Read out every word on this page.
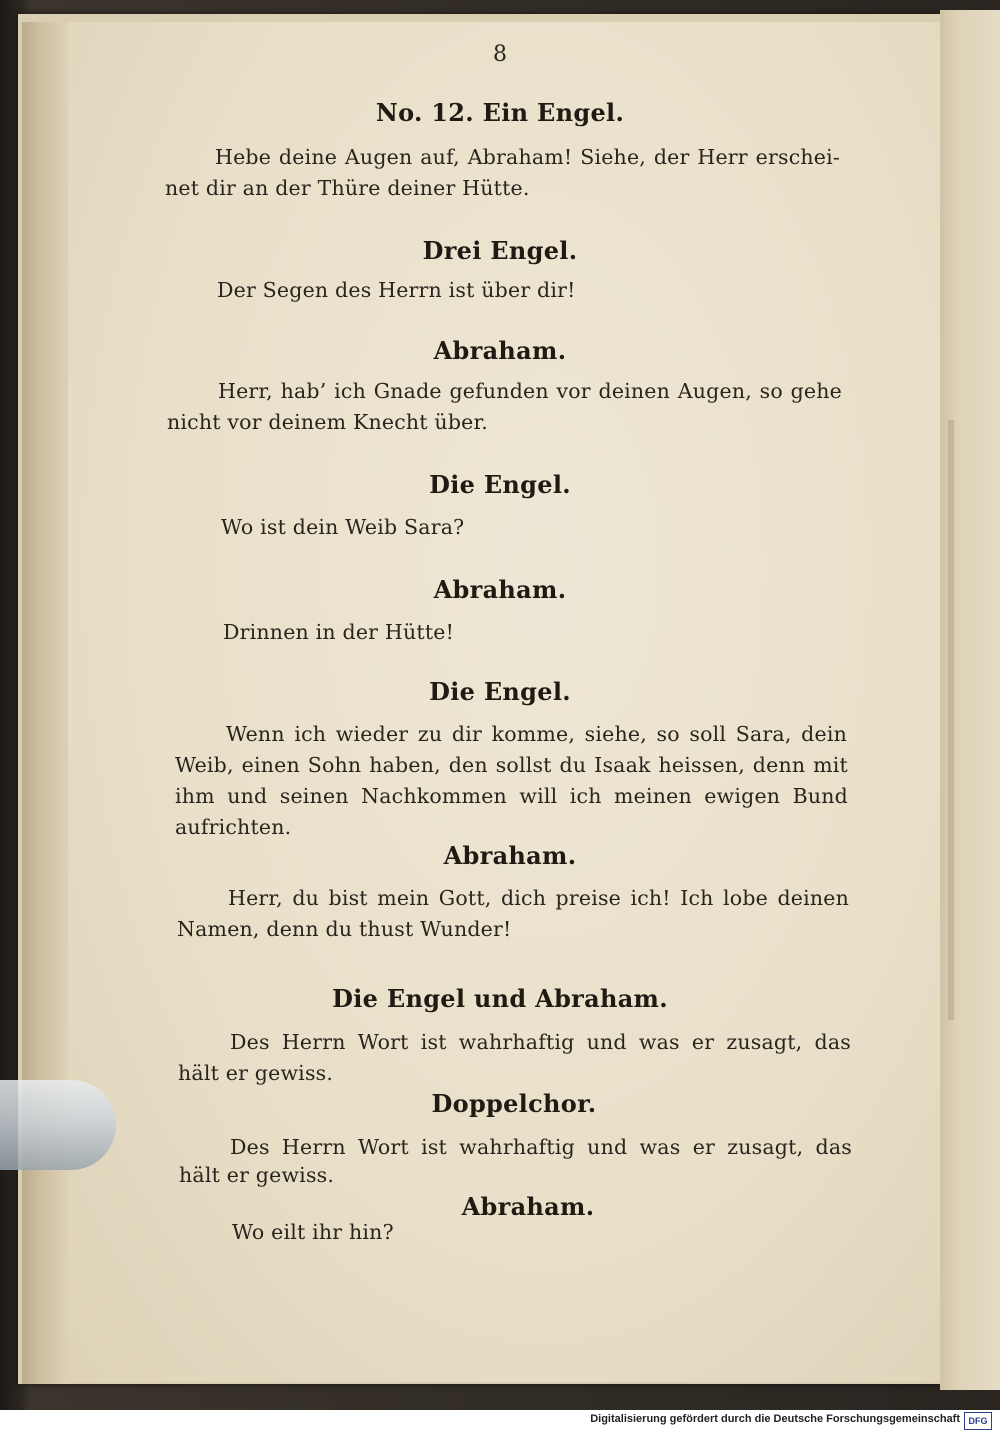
8

No. 12. Ein Engel.

Hebe deine Augen auf, Abraham! Siehe, der Herr erschei-

net dir an der Thüre deiner Hütte.

Drei Engel.

Der Segen des Herrn ist über dir!

Abraham.

Herr, hab’ ich Gnade gefunden vor deinen Augen, so gehe

nicht vor deinem Knecht über.

Die Engel.

Wo ist dein Weib Sara?

Abraham.

Drinnen in der Hütte!

Die Engel.

Wenn ich wieder zu dir komme, siehe, so soll Sara, dein

Weib, einen Sohn haben, den sollst du Isaak heissen, denn mit

ihm und seinen Nachkommen will ich meinen ewigen Bund

aufrichten.

Abraham.

Herr, du bist mein Gott, dich preise ich! Ich lobe deinen

Namen, denn du thust Wunder!

Die Engel und Abraham.

Des Herrn Wort ist wahrhaftig und was er zusagt, das

hält er gewiss.

Doppelchor.

Des Herrn Wort ist wahrhaftig und was er zusagt, das

hält er gewiss.

Abraham.

Wo eilt ihr hin?

Digitalisierung gefördert durch die Deutsche Forschungsgemeinschaft DFG
